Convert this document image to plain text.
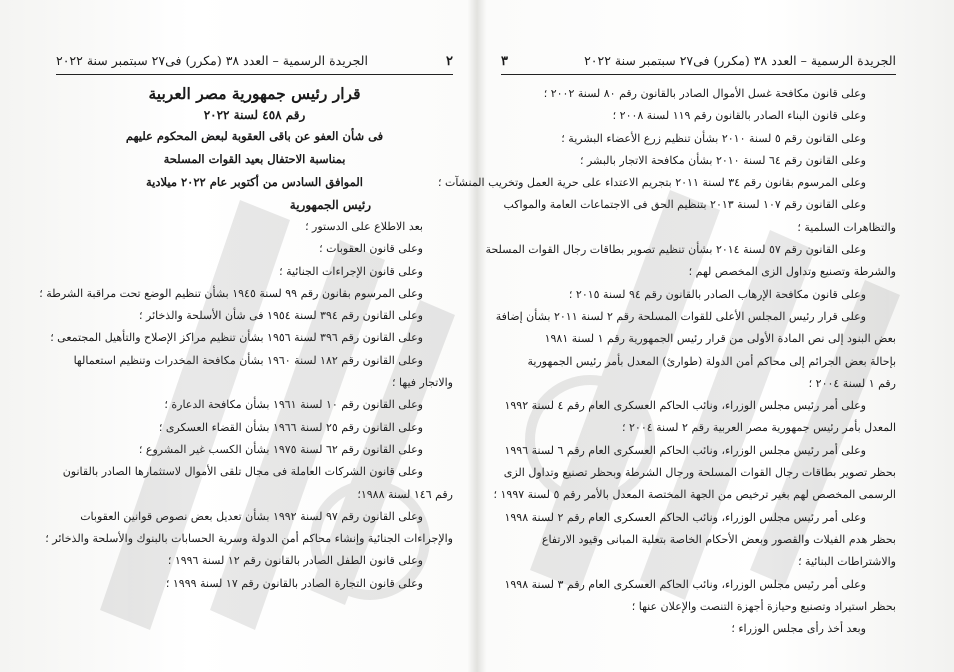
٢
الجريدة الرسمية – العدد ٣٨ (مكرر) فى٢٧ سبتمبر سنة ٢٠٢٢
قرار رئيس جمهورية مصر العربية
رقم ٤٥٨ لسنة ٢٠٢٢
فى شأن العفو عن باقى العقوبة لبعض المحكوم عليهم
بمناسبة الاحتفال بعيد القوات المسلحة
الموافق السادس من أكتوبر عام ٢٠٢٢ ميلادية
رئيس الجمهورية
بعد الاطلاع على الدستور ؛
وعلى قانون العقوبات ؛
وعلى قانون الإجراءات الجنائية ؛
وعلى المرسوم بقانون رقم ٩٩ لسنة ١٩٤٥ بشأن تنظيم الوضع تحت مراقبة الشرطة ؛
وعلى القانون رقم ٣٩٤ لسنة ١٩٥٤ فى شأن الأسلحة والذخائر ؛
وعلى القانون رقم ٣٩٦ لسنة ١٩٥٦ بشأن تنظيم مراكز الإصلاح والتأهيل المجتمعى ؛
وعلى القانون رقم ١٨٢ لسنة ١٩٦٠ بشأن مكافحة المخدرات وتنظيم استعمالها
والاتجار فيها ؛
وعلى القانون رقم ١٠ لسنة ١٩٦١ بشأن مكافحة الدعارة ؛
وعلى القانون رقم ٢٥ لسنة ١٩٦٦ بشأن القضاء العسكرى ؛
وعلى القانون رقم ٦٢ لسنة ١٩٧٥ بشأن الكسب غير المشروع ؛
وعلى قانون الشركات العاملة فى مجال تلقى الأموال لاستثمارها الصادر بالقانون
رقم ١٤٦ لسنة ١٩٨٨؛
وعلى القانون رقم ٩٧ لسنة ١٩٩٢ بشأن تعديل بعض نصوص قوانين العقوبات
والإجراءات الجنائية وإنشاء محاكم أمن الدولة وسرية الحسابات بالبنوك والأسلحة والذخائر ؛
وعلى قانون الطفل الصادر بالقانون رقم ١٢ لسنة ١٩٩٦ ؛
وعلى قانون التجارة الصادر بالقانون رقم ١٧ لسنة ١٩٩٩ ؛
الجريدة الرسمية – العدد ٣٨ (مكرر) فى٢٧ سبتمبر سنة ٢٠٢٢
٣
وعلى قانون مكافحة غسل الأموال الصادر بالقانون رقم ٨٠ لسنة ٢٠٠٢ ؛
وعلى قانون البناء الصادر بالقانون رقم ١١٩ لسنة ٢٠٠٨ ؛
وعلى القانون رقم ٥ لسنة ٢٠١٠ بشأن تنظيم زرع الأعضاء البشرية ؛
وعلى القانون رقم ٦٤ لسنة ٢٠١٠ بشأن مكافحة الاتجار بالبشر ؛
وعلى المرسوم بقانون رقم ٣٤ لسنة ٢٠١١ بتجريم الاعتداء على حرية العمل وتخريب المنشآت ؛
وعلى القانون رقم ١٠٧ لسنة ٢٠١٣ بتنظيم الحق فى الاجتماعات العامة والمواكب
والتظاهرات السلمية ؛
وعلى القانون رقم ٥٧ لسنة ٢٠١٤ بشأن تنظيم تصوير بطاقات رجال القوات المسلحة
والشرطة وتصنيع وتداول الزى المخصص لهم ؛
وعلى قانون مكافحة الإرهاب الصادر بالقانون رقم ٩٤ لسنة ٢٠١٥ ؛
وعلى قرار رئيس المجلس الأعلى للقوات المسلحة رقم ٢ لسنة ٢٠١١ بشأن إضافة
بعض البنود إلى نص المادة الأولى من قرار رئيس الجمهورية رقم ١ لسنة ١٩٨١
بإحالة بعض الجرائم إلى محاكم أمن الدولة (طوارئ) المعدل بأمر رئيس الجمهورية
رقم ١ لسنة ٢٠٠٤ ؛
وعلى أمر رئيس مجلس الوزراء، ونائب الحاكم العسكرى العام رقم ٤ لسنة ١٩٩٢
المعدل بأمر رئيس جمهورية مصر العربية رقم ٢ لسنة ٢٠٠٤ ؛
وعلى أمر رئيس مجلس الوزراء، ونائب الحاكم العسكرى العام رقم ٦ لسنة ١٩٩٦
بحظر تصوير بطاقات رجال القوات المسلحة ورجال الشرطة وبحظر تصنيع وتداول الزى
الرسمى المخصص لهم بغير ترخيص من الجهة المختصة المعدل بالأمر رقم ٥ لسنة ١٩٩٧ ؛
وعلى أمر رئيس مجلس الوزراء، ونائب الحاكم العسكرى العام رقم ٢ لسنة ١٩٩٨
بحظر هدم الفيلات والقصور وبعض الأحكام الخاصة بتعلية المبانى وقيود الارتفاع
والاشتراطات البنائية ؛
وعلى أمر رئيس مجلس الوزراء، ونائب الحاكم العسكرى العام رقم ٣ لسنة ١٩٩٨
بحظر استيراد وتصنيع وحيازة أجهزة التنصت والإعلان عنها ؛
وبعد أخذ رأى مجلس الوزراء ؛
